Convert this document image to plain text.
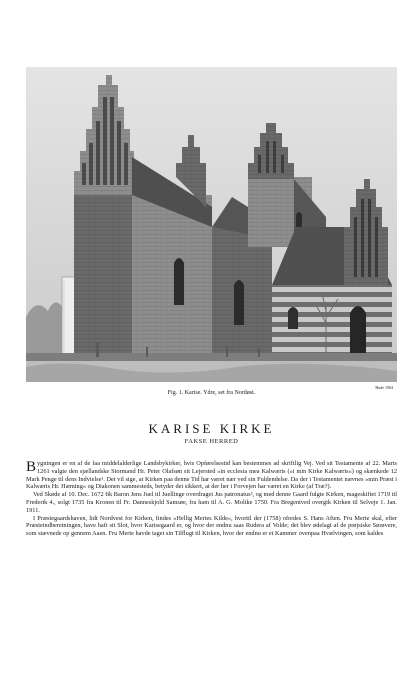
Fig. 1. Karise. Ydre, set fra Nordøst.
Hude 1904
KARISE KIRKE
FAKSE HERRED

Bygningen er en af de faa middelalderlige Landsbykirker, hvis Opførelsestid kan bestemmes ad skriftlig Vej. Ved sit Testamente af 22. Marts 1261 valgte den sjællandske Stormand Hr. Peter Olafsøn sit Lejersted »in ecclesia mea Kalwæris (»i min Kirke Kalwæris«) og skænkede 12 Mark Penge til dens Indvielse¹. Det vil sige, at Kirken paa denne Tid har været nær ved sin Fuldendelse. Da der i Testamentet nævnes »min Præst i Kalwæris Hr. Hæming« og Diakonen sammesteds, betyder det sikkert, at der her i Forvejen har været en Kirke (af Træ?).

Ved Skøde af 10. Dec. 1672 fik Baron Jens Juel til Juellinge overdraget Jus patronatus², og med denne Gaard fulgte Kirken, mageskiftet 1719 til Frederik 4., solgt 1735 fra Kronen til Fr. Danneskjold Samsøe, fra ham til A. G. Moltke 1750. Fra Bregentved overgik Kirken til Selveje 1. Jan. 1911.

I Præstegaardshaven, lidt Nordvest for Kirken, findes »Hellig Mertes Kilde«, hvortil der (1758) ofredes S. Hans Aften. Fru Merte skal, efter Præsteindberetningen, have haft sit Slot, hvor Karisegaard er, og hvor der endnu saas Rudera af Volde; det blev ødelagt af de prøjsiske Sørøvere, som stævnede op gennem Aaen. Fru Merte havde taget sin Tilflugt til Kirken, hvor der endnu er et Kammer ovenpaa Hvælvingen, som kaldes
